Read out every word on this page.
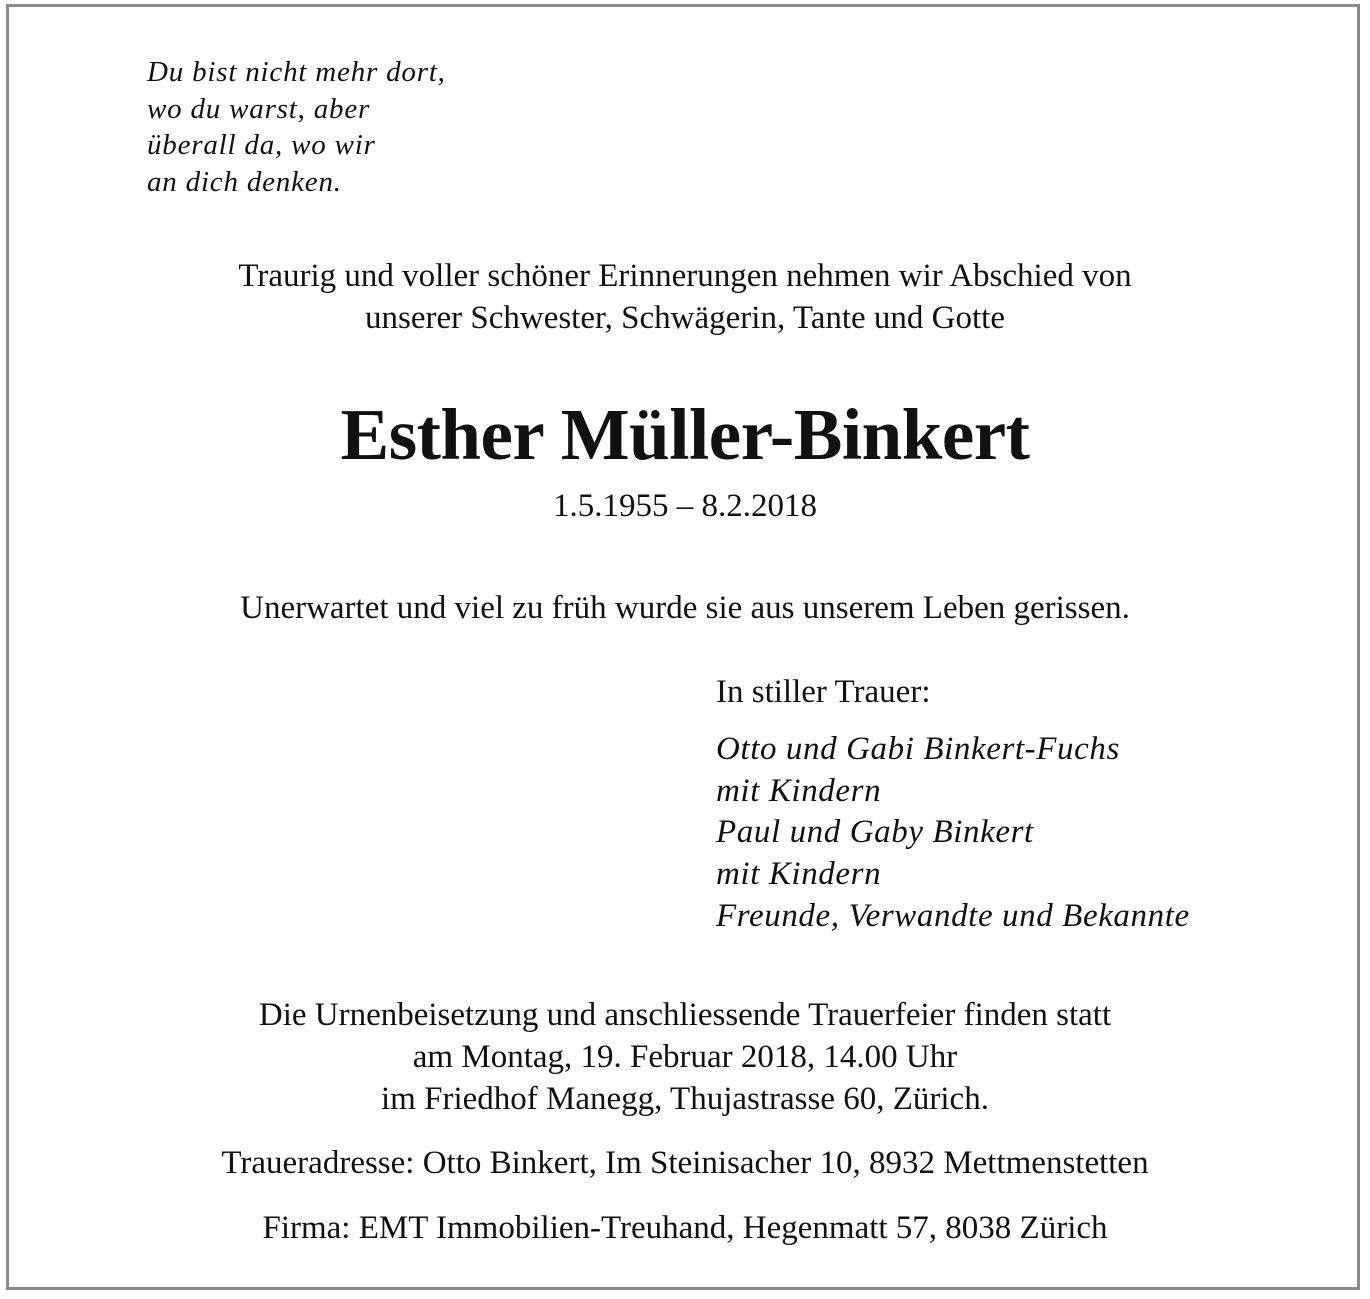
Du bist nicht mehr dort,
wo du warst, aber
überall da, wo wir
an dich denken.
Traurig und voller schöner Erinnerungen nehmen wir Abschied von
unserer Schwester, Schwägerin, Tante und Gotte
Esther Müller-Binkert
1.5.1955 – 8.2.2018
Unerwartet und viel zu früh wurde sie aus unserem Leben gerissen.
In stiller Trauer:
Otto und Gabi Binkert-Fuchs
mit Kindern
Paul und Gaby Binkert
mit Kindern
Freunde, Verwandte und Bekannte
Die Urnenbeisetzung und anschliessende Trauerfeier finden statt
am Montag, 19. Februar 2018, 14.00 Uhr
im Friedhof Manegg, Thujastrasse 60, Zürich.
Traueradresse: Otto Binkert, Im Steinisacher 10, 8932 Mettmenstetten
Firma: EMT Immobilien-Treuhand, Hegenmatt 57, 8038 Zürich
